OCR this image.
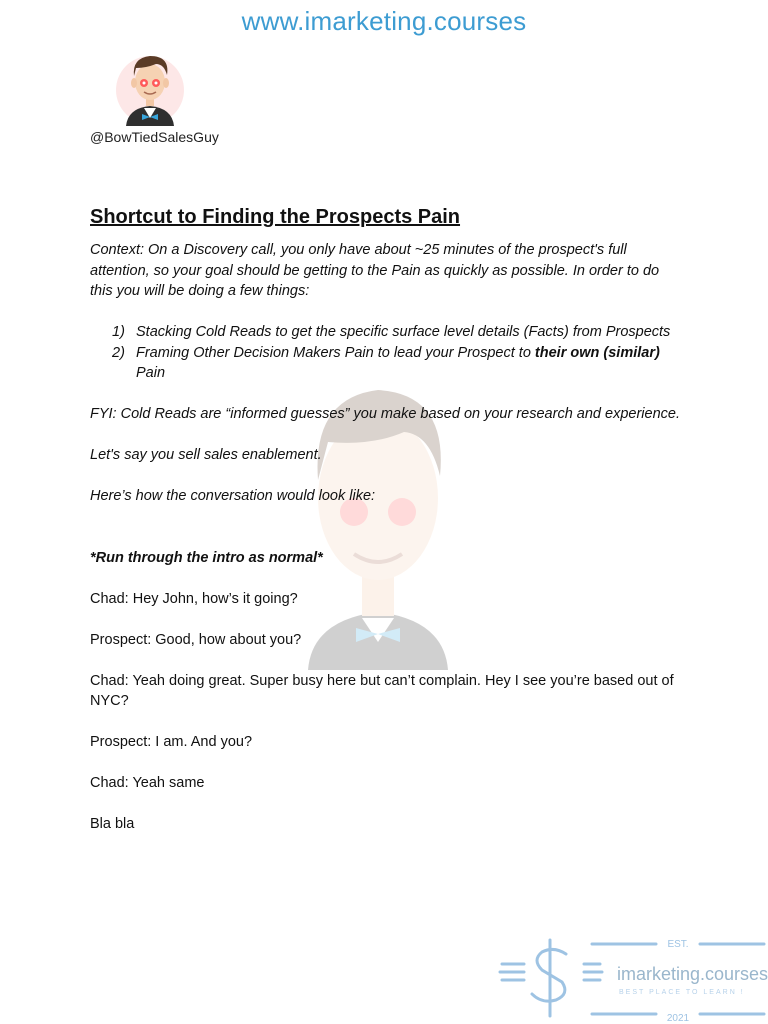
www.imarketing.courses
@BowTiedSalesGuy
Shortcut to Finding the Prospects Pain

Context: On a Discovery call, you only have about ~25 minutes of the prospect's full attention, so your goal should be getting to the Pain as quickly as possible. In order to do this you will be doing a few things:

1) Stacking Cold Reads to get the specific surface level details (Facts) from Prospects
2) Framing Other Decision Makers Pain to lead your Prospect to their own (similar) Pain

FYI: Cold Reads are “informed guesses” you make based on your research and experience.

Let's say you sell sales enablement.

Here’s how the conversation would look like:

*Run through the intro as normal*

Chad: Hey John, how’s it going?

Prospect: Good, how about you?

Chad: Yeah doing great. Super busy here but can’t complain. Hey I see you’re based out of NYC?

Prospect: I am. And you?

Chad: Yeah same

Bla bla

EST.
imarketing.courses
BEST PLACE TO LEARN !
2021
